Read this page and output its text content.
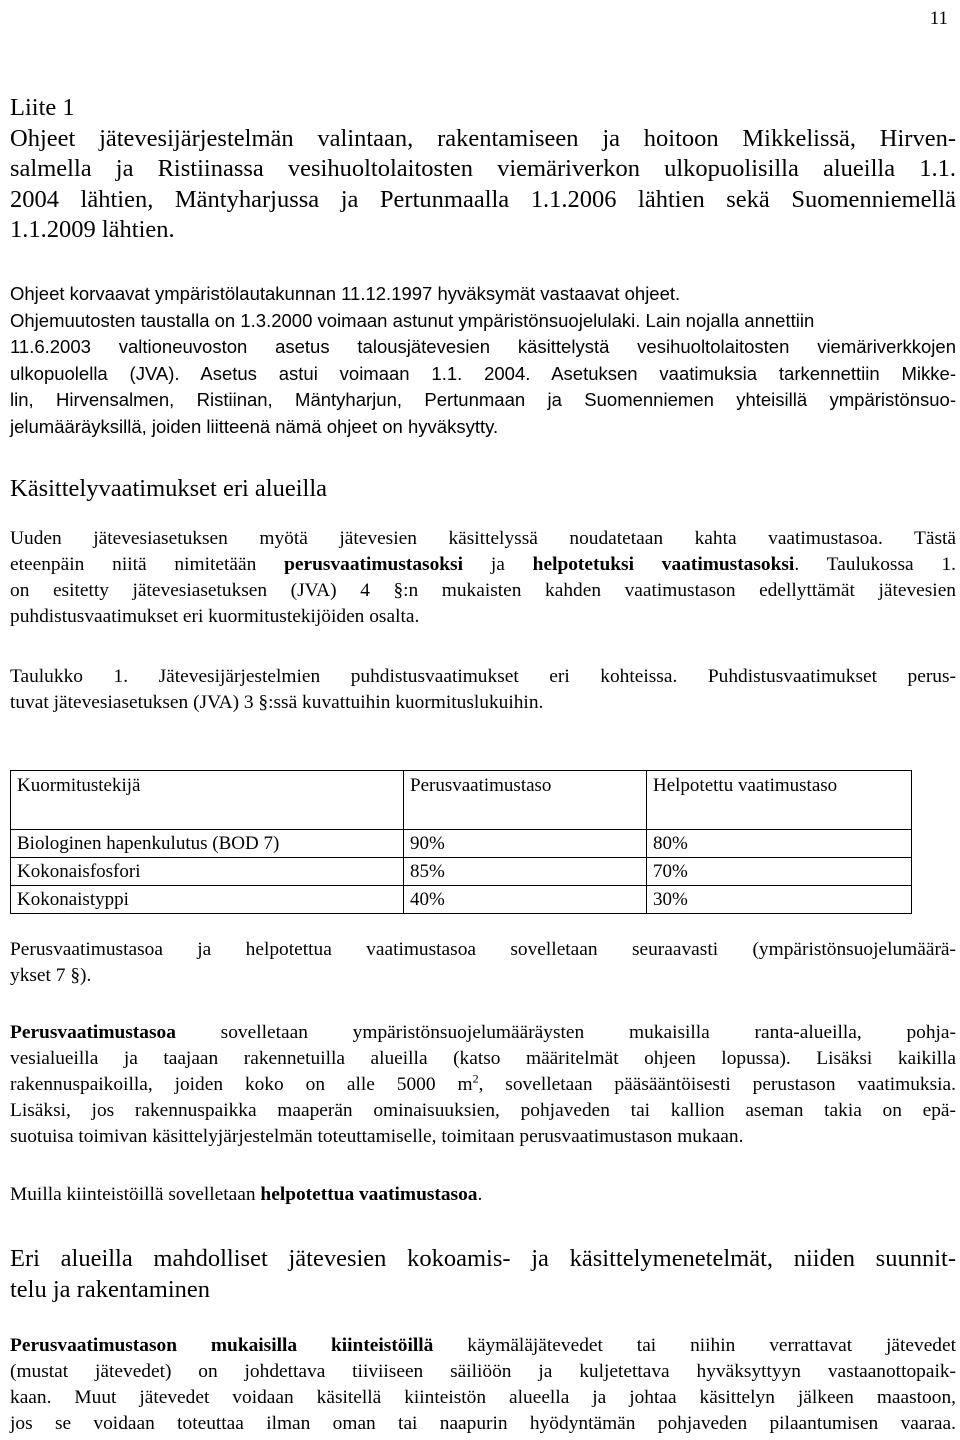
11
Liite 1
Ohjeet jätevesijärjestelmän valintaan, rakentamiseen ja hoitoon Mikkelissä, Hirven-
salmella ja Ristiinassa vesihuoltolaitosten viemäriverkon ulkopuolisilla alueilla 1.1.
2004 lähtien, Mäntyharjussa ja Pertunmaalla 1.1.2006 lähtien sekä Suomenniemellä
1.1.2009 lähtien.
Ohjeet korvaavat ympäristölautakunnan 11.12.1997 hyväksymät vastaavat ohjeet.
Ohjemuutosten taustalla on 1.3.2000 voimaan astunut ympäristönsuojelulaki. Lain nojalla annettiin
11.6.2003 valtioneuvoston asetus talousjätevesien käsittelystä vesihuoltolaitosten viemäriverkkojen
ulkopuolella (JVA). Asetus astui voimaan 1.1. 2004. Asetuksen vaatimuksia tarkennettiin Mikke-
lin, Hirvensalmen, Ristiinan, Mäntyharjun, Pertunmaan ja Suomenniemen yhteisillä ympäristönsuo-
jelumääräyksillä, joiden liitteenä nämä ohjeet on hyväksytty.
Käsittelyvaatimukset eri alueilla
Uuden jätevesiasetuksen myötä jätevesien käsittelyssä noudatetaan kahta vaatimustasoa. Tästä
eteenpäin niitä nimitetään perusvaatimustasoksi ja helpotetuksi vaatimustasoksi. Taulukossa 1.
on esitetty jätevesiasetuksen (JVA) 4 §:n mukaisten kahden vaatimustason edellyttämät jätevesien
puhdistusvaatimukset eri kuormitustekijöiden osalta.
Taulukko 1. Jätevesijärjestelmien puhdistusvaatimukset eri kohteissa. Puhdistusvaatimukset perus-
tuvat jätevesiasetuksen (JVA) 3 §:ssä kuvattuihin kuormituslukuihin.
Kuormitustekijä	Perusvaatimustaso	Helpotettu vaatimustaso
Biologinen hapenkulutus (BOD 7)	90%	80%
Kokonaisfosfori	85%	70%
Kokonaistyppi	40%	30%
Perusvaatimustasoa ja helpotettua vaatimustasoa sovelletaan seuraavasti (ympäristönsuojelumäärä-
ykset 7 §).
Perusvaatimustasoa sovelletaan ympäristönsuojelumääräysten mukaisilla ranta-alueilla, pohja-
vesialueilla ja taajaan rakennetuilla alueilla (katso määritelmät ohjeen lopussa). Lisäksi kaikilla
rakennuspaikoilla, joiden koko on alle 5000 $m^2$, sovelletaan pääsääntöisesti perustason vaatimuksia.
Lisäksi, jos rakennuspaikka maaperän ominaisuuksien, pohjaveden tai kallion aseman takia on epä-
suotuisa toimivan käsittelyjärjestelmän toteuttamiselle, toimitaan perusvaatimustason mukaan.
Muilla kiinteistöillä sovelletaan helpotettua vaatimustasoa.
Eri alueilla mahdolliset jätevesien kokoamis- ja käsittelymenetelmät, niiden suunnit-
telu ja rakentaminen
Perusvaatimustason mukaisilla kiinteistöillä käymäläjätevedet tai niihin verrattavat jätevedet
(mustat jätevedet) on johdettava tiiviiseen säiliöön ja kuljetettava hyväksyttyyn vastaanottopaik-
kaan. Muut jätevedet voidaan käsitellä kiinteistön alueella ja johtaa käsittelyn jälkeen maastoon,
jos se voidaan toteuttaa ilman oman tai naapurin hyödyntämän pohjaveden pilaantumisen vaaraa.
